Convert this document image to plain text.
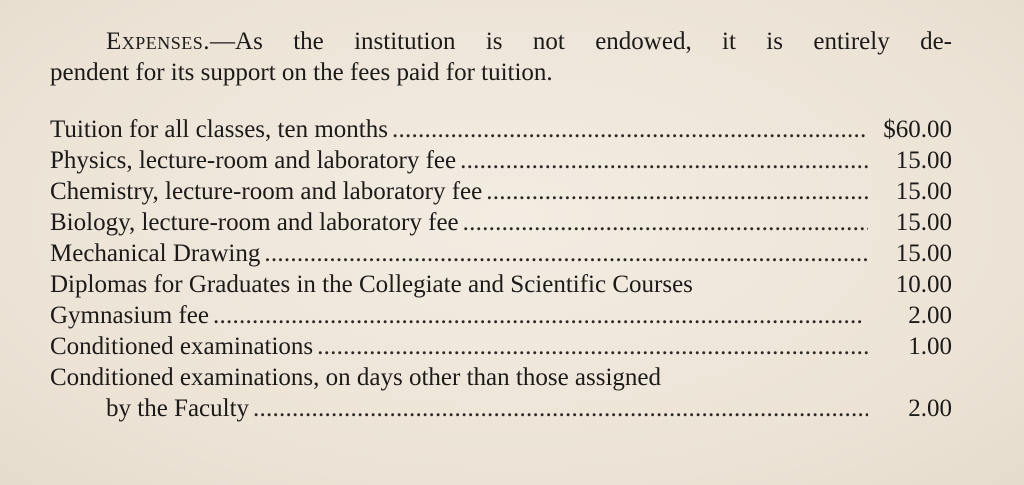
Expenses.—As the institution is not endowed, it is entirely de-
pendent for its support on the fees paid for tuition.

Tuition for all classes, ten months . . .	$60.00
Physics, lecture-room and laboratory fee . . .	15.00
Chemistry, lecture-room and laboratory fee . . .	15.00
Biology, lecture-room and laboratory fee . . .	15.00
Mechanical Drawing . . .	15.00
Diplomas for Graduates in the Collegiate and Scientific Courses	10.00
Gymnasium fee . . .	2.00
Conditioned examinations . . .	1.00
Conditioned examinations, on days other than those assigned
by the Faculty . . .	2.00
